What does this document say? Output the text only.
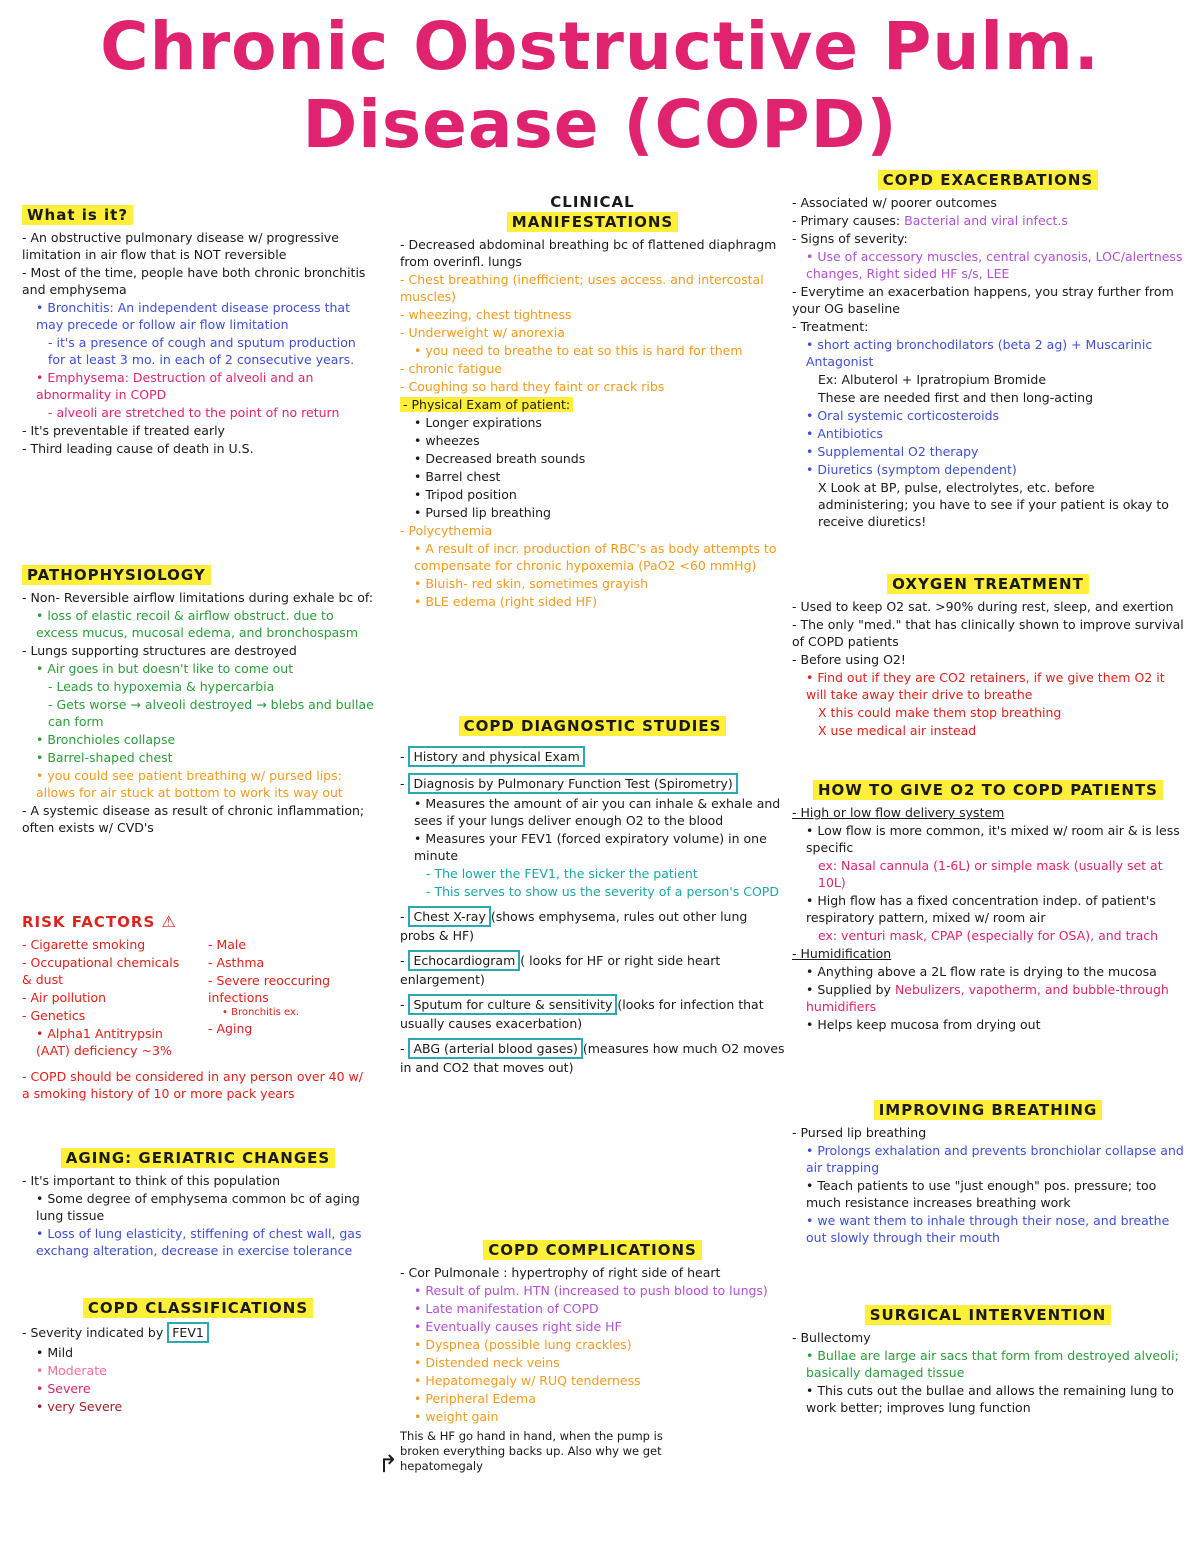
Chronic Obstructive Pulm.
Disease (COPD)
What is it?

- An obstructive pulmonary disease w/ progressive limitation in air flow that is NOT reversible

- Most of the time, people have both chronic bronchitis and emphysema

• Bronchitis: An independent disease process that may precede or follow air flow limitation

- it's a presence of cough and sputum production for at least 3 mo. in each of 2 consecutive years.

• Emphysema: Destruction of alveoli and an abnormality in COPD

- alveoli are stretched to the point of no return

- It's preventable if treated early

- Third leading cause of death in U.S.

PATHOPHYSIOLOGY

- Non- Reversible airflow limitations during exhale bc of:

• loss of elastic recoil & airflow obstruct. due to excess mucus, mucosal edema, and bronchospasm

- Lungs supporting structures are destroyed

• Air goes in but doesn't like to come out

- Leads to hypoxemia & hypercarbia

- Gets worse → alveoli destroyed → blebs and bullae can form

• Bronchioles collapse

• Barrel-shaped chest

• you could see patient breathing w/ pursed lips: allows for air stuck at bottom to work its way out

- A systemic disease as result of chronic inflammation; often exists w/ CVD's

RISK FACTORS ⚠

- Cigarette smoking

- Occupational chemicals & dust

- Air pollution

- Genetics

• Alpha1 Antitrypsin (AAT) deficiency ~3%

- Male

- Asthma

- Severe reoccuring infections

• Bronchitis ex.

- Aging

- COPD should be considered in any person over 40 w/ a smoking history of 10 or more pack years

AGING: GERIATRIC CHANGES

- It's important to think of this population

• Some degree of emphysema common bc of aging lung tissue

• Loss of lung elasticity, stiffening of chest wall, gas exchang alteration, decrease in exercise tolerance

COPD CLASSIFICATIONS

- Severity indicated by FEV1

• Mild

• Moderate

• Severe

• very Severe

CLINICAL
MANIFESTATIONS

- Decreased abdominal breathing bc of flattened diaphragm from overinfl. lungs

- Chest breathing (inefficient; uses access. and intercostal muscles)

- wheezing, chest tightness

- Underweight w/ anorexia

• you need to breathe to eat so this is hard for them

- chronic fatigue

- Coughing so hard they faint or crack ribs

- Physical Exam of patient:

• Longer expirations

• wheezes

• Decreased breath sounds

• Barrel chest

• Tripod position

• Pursed lip breathing

- Polycythemia

• A result of incr. production of RBC's as body attempts to compensate for chronic hypoxemia (PaO2 <60 mmHg)

• Bluish- red skin, sometimes grayish

• BLE edema (right sided HF)

COPD DIAGNOSTIC STUDIES

- History and physical Exam

- Diagnosis by Pulmonary Function Test (Spirometry)

• Measures the amount of air you can inhale & exhale and sees if your lungs deliver enough O2 to the blood

• Measures your FEV1 (forced expiratory volume) in one minute

- The lower the FEV1, the sicker the patient

- This serves to show us the severity of a person's COPD

- Chest X-ray (shows emphysema, rules out other lung probs & HF)

- Echocardiogram ( looks for HF or right side heart enlargement)

- Sputum for culture & sensitivity (looks for infection that usually causes exacerbation)

- ABG (arterial blood gases) (measures how much O2 moves in and CO2 that moves out)

COPD COMPLICATIONS

- Cor Pulmonale : hypertrophy of right side of heart

• Result of pulm. HTN (increased to push blood to lungs)

• Late manifestation of COPD

• Eventually causes right side HF

• Dyspnea (possible lung crackles)

• Distended neck veins

• Hepatomegaly w/ RUQ tenderness

• Peripheral Edema

• weight gain

This & HF go hand in hand, when the pump is broken everything backs up. Also why we get hepatomegaly

↱
COPD EXACERBATIONS

- Associated w/ poorer outcomes

- Primary causes: Bacterial and viral infect.s

- Signs of severity:

• Use of accessory muscles, central cyanosis, LOC/alertness changes, Right sided HF s/s, LEE

- Everytime an exacerbation happens, you stray further from your OG baseline

- Treatment:

• short acting bronchodilators (beta 2 ag) + Muscarinic Antagonist

Ex: Albuterol + Ipratropium Bromide

These are needed first and then long-acting

• Oral systemic corticosteroids

• Antibiotics

• Supplemental O2 therapy

• Diuretics (symptom dependent)

X Look at BP, pulse, electrolytes, etc. before administering; you have to see if your patient is okay to receive diuretics!

OXYGEN TREATMENT

- Used to keep O2 sat. >90% during rest, sleep, and exertion

- The only "med." that has clinically shown to improve survival of COPD patients

- Before using O2!

• Find out if they are CO2 retainers, if we give them O2 it will take away their drive to breathe

X this could make them stop breathing

X use medical air instead

HOW TO GIVE O2 TO COPD PATIENTS

- High or low flow delivery system

• Low flow is more common, it's mixed w/ room air & is less specific

ex: Nasal cannula (1-6L) or simple mask (usually set at 10L)

• High flow has a fixed concentration indep. of patient's respiratory pattern, mixed w/ room air

ex: venturi mask, CPAP (especially for OSA), and trach

- Humidification

• Anything above a 2L flow rate is drying to the mucosa

• Supplied by Nebulizers, vapotherm, and bubble-through humidifiers

• Helps keep mucosa from drying out

IMPROVING BREATHING

- Pursed lip breathing

• Prolongs exhalation and prevents bronchiolar collapse and air trapping

• Teach patients to use "just enough" pos. pressure; too much resistance increases breathing work

• we want them to inhale through their nose, and breathe out slowly through their mouth

SURGICAL INTERVENTION

- Bullectomy

• Bullae are large air sacs that form from destroyed alveoli; basically damaged tissue

• This cuts out the bullae and allows the remaining lung to work better; improves lung function
